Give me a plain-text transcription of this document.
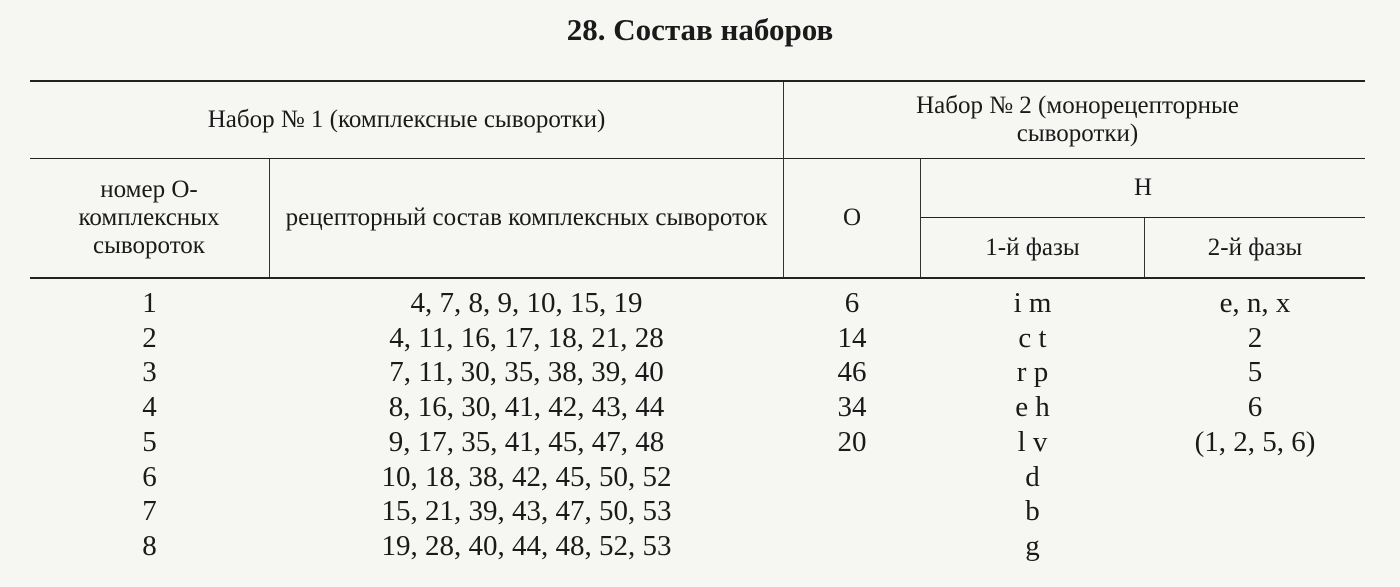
28. Состав наборов
Набор № 1 (комплексные сыворотки)
Набор № 2 (монорецепторные сыворотки)
номер О-комплексных сывороток
рецепторный состав комплексных сывороток	О
Н
1-й фазы	2-й фазы
1
2
3
4
5
6
7
8
4, 7, 8, 9, 10, 15, 19
4, 11, 16, 17, 18, 21, 28
7, 11, 30, 35, 38, 39, 40
8, 16, 30, 41, 42, 43, 44
9, 17, 35, 41, 45, 47, 48
10, 18, 38, 42, 45, 50, 52
15, 21, 39, 43, 47, 50, 53
19, 28, 40, 44, 48, 52, 53
6
14
46
34
20
i m
c t
r p
e h
l v
d
b
g
e, n, x
2
5
6
(1, 2, 5, 6)
